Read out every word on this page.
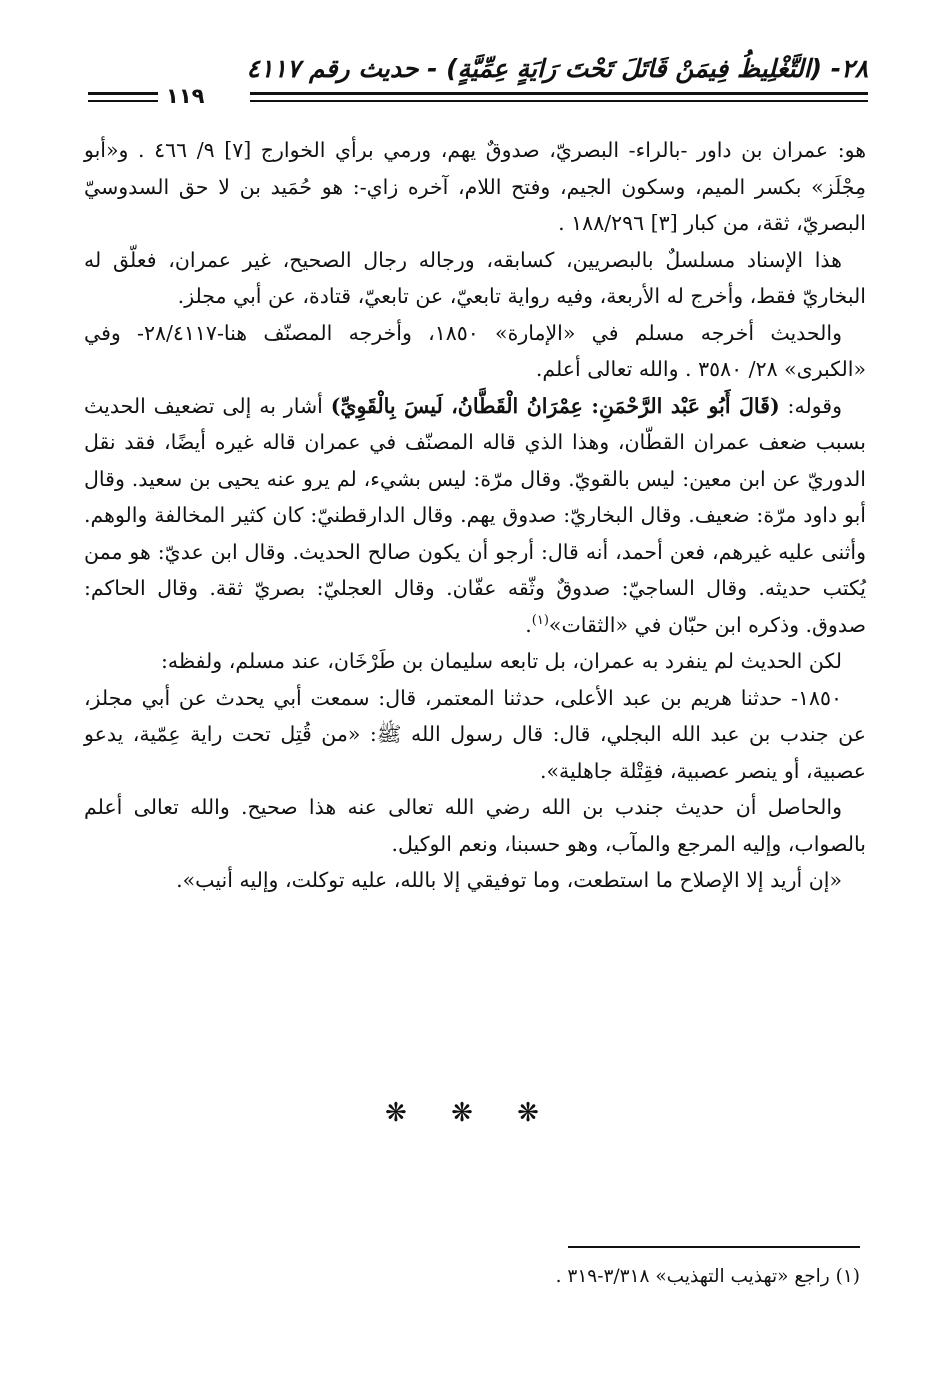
٢٨- (التَّغْلِيظُ فِيمَنْ قَاتَلَ تَحْتَ رَايَةٍ عِمِّيَّةٍ) - حديث رقم ٤١١٧
١١٩

هو: عمران بن داور -بالراء- البصريّ، صدوقٌ يهم، ورمي برأي الخوارج [٧] ٩/ ٤٦٦ . و«أبو مِجْلَز» بكسر الميم، وسكون الجيم، وفتح اللام، آخره زاي-: هو حُمَيد بن لا حق السدوسيّ البصريّ، ثقة، من كبار [٣] ١٨٨/٢٩٦ .

هذا الإسناد مسلسلٌ بالبصريين، كسابقه، ورجاله رجال الصحيح، غير عمران، فعلّق له البخاريّ فقط، وأخرج له الأربعة، وفيه رواية تابعيّ، عن تابعيّ، قتادة، عن أبي مجلز.

والحديث أخرجه مسلم في «الإمارة» ١٨٥٠، وأخرجه المصنّف هنا-٢٨/٤١١٧- وفي «الكبرى» ٢٨/ ٣٥٨٠ . والله تعالى أعلم.

وقوله: (قَالَ أَبُو عَبْد الرَّحْمَنِ: عِمْرَانُ الْقَطَّانُ، لَيسَ بِالْقَوِيِّ) أشار به إلى تضعيف الحديث بسبب ضعف عمران القطّان، وهذا الذي قاله المصنّف في عمران قاله غيره أيضًا، فقد نقل الدوريّ عن ابن معين: ليس بالقويّ. وقال مرّة: ليس بشيء، لم يرو عنه يحيى بن سعيد. وقال أبو داود مرّة: ضعيف. وقال البخاريّ: صدوق يهم. وقال الدارقطنيّ: كان كثير المخالفة والوهم. وأثنى عليه غيرهم، فعن أحمد، أنه قال: أرجو أن يكون صالح الحديث. وقال ابن عديّ: هو ممن يُكتب حديثه. وقال الساجيّ: صدوقٌ وثّقه عفّان. وقال العجليّ: بصريّ ثقة. وقال الحاكم: صدوق. وذكره ابن حبّان في «الثقات»$^{(١)}$.

لكن الحديث لم ينفرد به عمران، بل تابعه سليمان بن طَرْخَان، عند مسلم، ولفظه:

١٨٥٠- حدثنا هريم بن عبد الأعلى، حدثنا المعتمر، قال: سمعت أبي يحدث عن أبي مجلز، عن جندب بن عبد الله البجلي، قال: قال رسول الله ﷺ: «من قُتِل تحت راية عِمّية، يدعو عصبية، أو ينصر عصبية، فقِتْلة جاهلية».

والحاصل أن حديث جندب بن الله رضي الله تعالى عنه هذا صحيح. والله تعالى أعلم بالصواب، وإليه المرجع والمآب، وهو حسبنا، ونعم الوكيل.

«إن أريد إلا الإصلاح ما استطعت، وما توفيقي إلا بالله، عليه توكلت، وإليه أنيب».

❋ ❋ ❋
(١) راجع «تهذيب التهذيب» ٣/٣١٨-٣١٩ .
